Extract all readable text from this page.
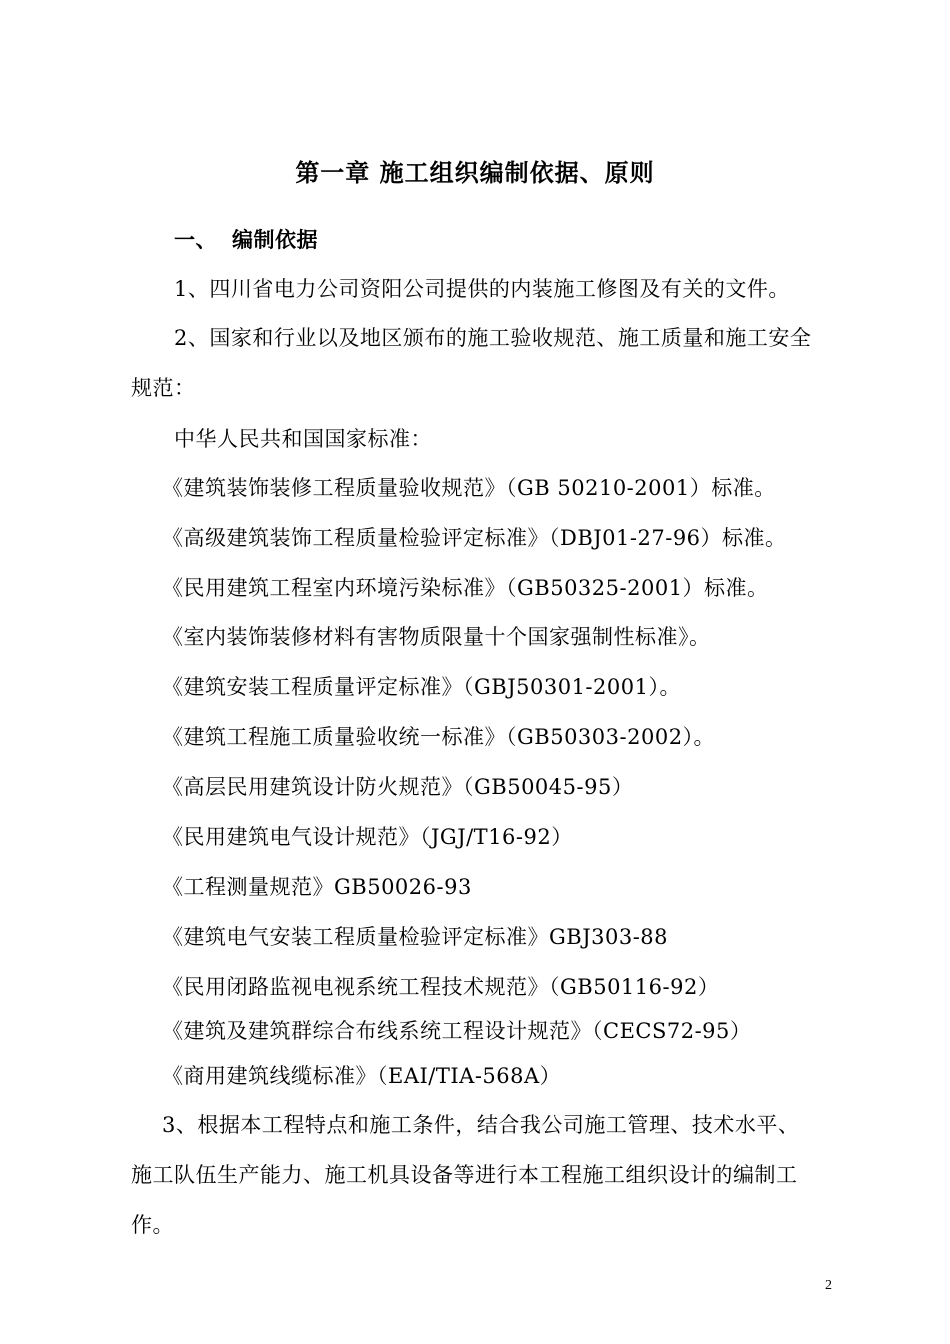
第一章 施工组织编制依据、原则
一、 编制依据
1、四川省电力公司资阳公司提供的内装施工修图及有关的文件。
2、国家和行业以及地区颁布的施工验收规范、施工质量和施工安全
规范：
中华人民共和国国家标准：
《建筑装饰装修工程质量验收规范》（GB 50210-2001）标准。
《高级建筑装饰工程质量检验评定标准》（DBJ01-27-96）标准。
《民用建筑工程室内环境污染标准》（GB50325-2001）标准。
《室内装饰装修材料有害物质限量十个国家强制性标准》。
《建筑安装工程质量评定标准》（GBJ50301-2001）。
《建筑工程施工质量验收统一标准》（GB50303-2002）。
《高层民用建筑设计防火规范》（GB50045-95）
《民用建筑电气设计规范》（JGJ/T16-92）
《工程测量规范》GB50026-93
《建筑电气安装工程质量检验评定标准》GBJ303-88
《民用闭路监视电视系统工程技术规范》（GB50116-92）
《建筑及建筑群综合布线系统工程设计规范》（CECS72-95）
《商用建筑线缆标准》（EAI/TIA-568A）
3、根据本工程特点和施工条件，结合我公司施工管理、技术水平、
施工队伍生产能力、施工机具设备等进行本工程施工组织设计的编制工
作。
2
